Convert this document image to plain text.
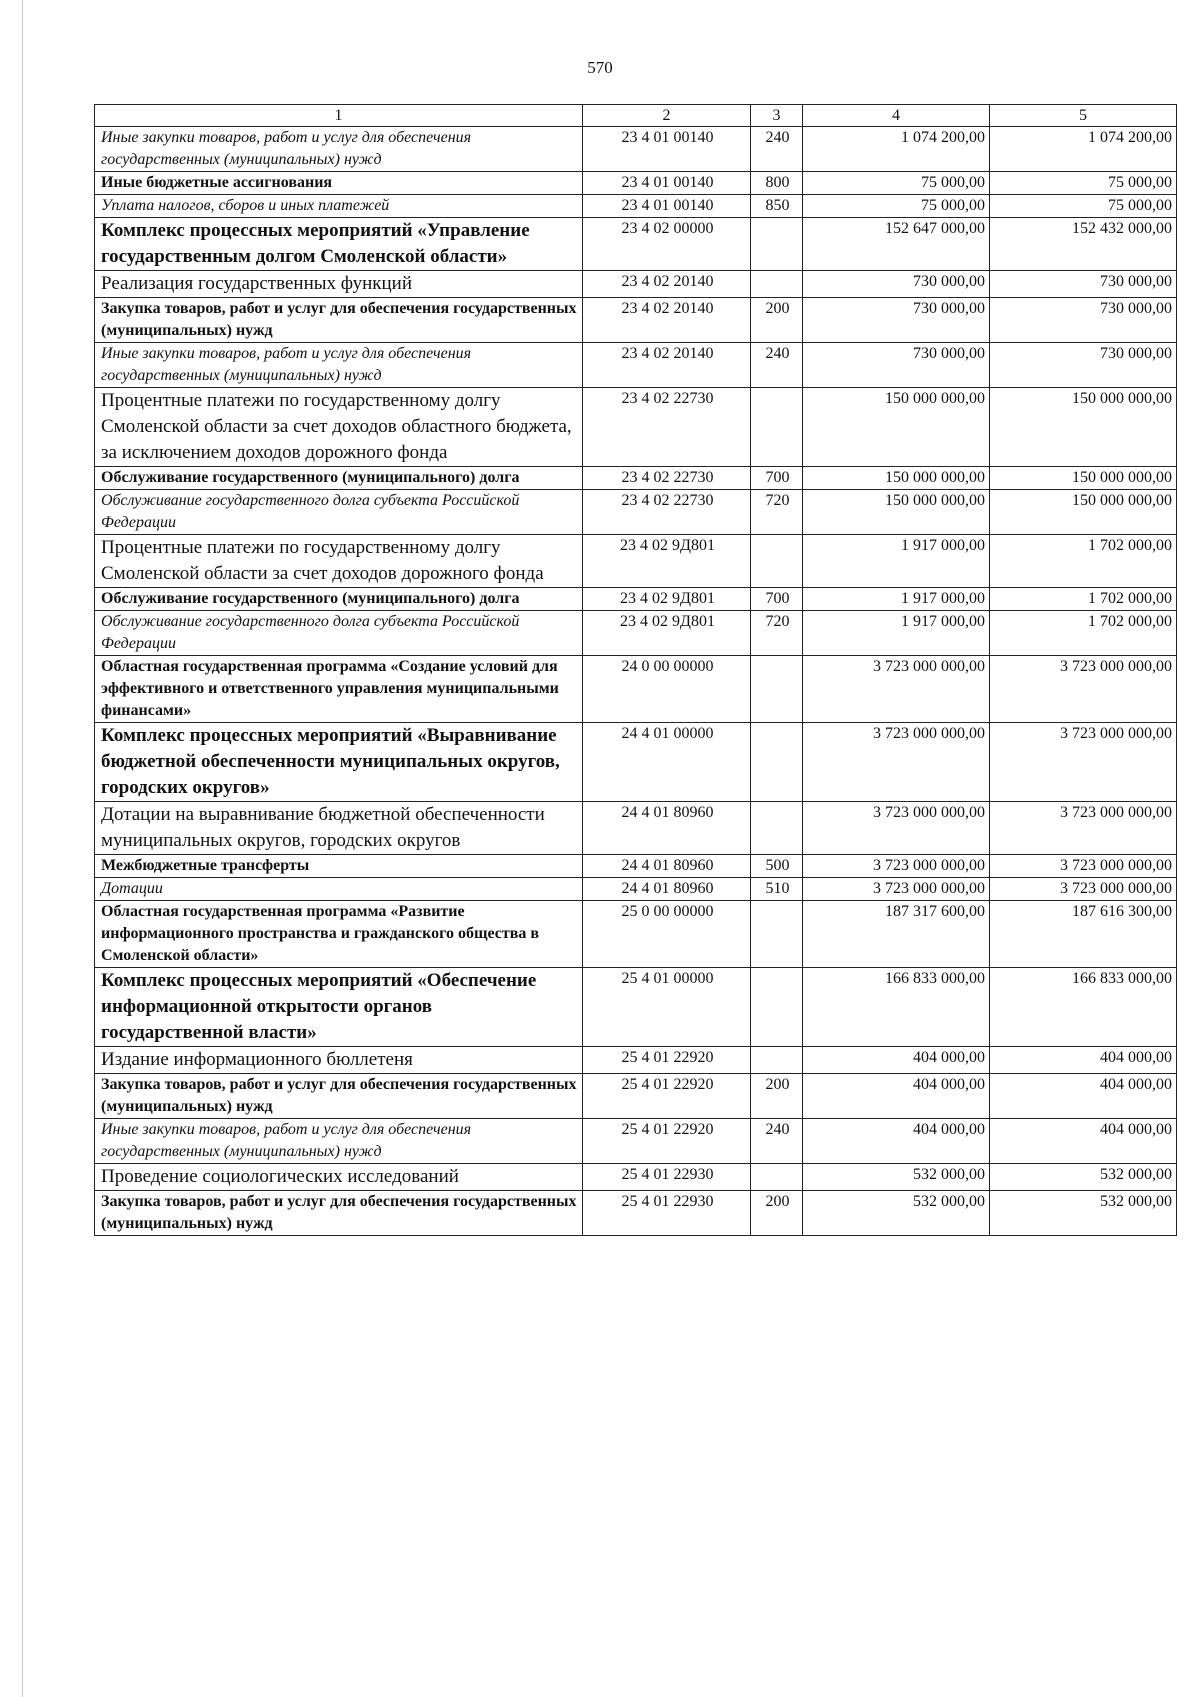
570
1	2	3	4	5
Иные закупки товаров, работ и услуг для обеспечения государственных (муниципальных) нужд	23 4 01 00140	240	1 074 200,00	1 074 200,00
Иные бюджетные ассигнования	23 4 01 00140	800	75 000,00	75 000,00
Уплата налогов, сборов и иных платежей	23 4 01 00140	850	75 000,00	75 000,00
Комплекс процессных мероприятий «Управление государственным долгом Смоленской области»	23 4 02 00000		152 647 000,00	152 432 000,00
Реализация государственных функций	23 4 02 20140		730 000,00	730 000,00
Закупка товаров, работ и услуг для обеспечения государственных (муниципальных) нужд	23 4 02 20140	200	730 000,00	730 000,00
Иные закупки товаров, работ и услуг для обеспечения государственных (муниципальных) нужд	23 4 02 20140	240	730 000,00	730 000,00
Процентные платежи по государственному долгу Смоленской области за счет доходов областного бюджета, за исключением доходов дорожного фонда	23 4 02 22730		150 000 000,00	150 000 000,00
Обслуживание государственного (муниципального) долга	23 4 02 22730	700	150 000 000,00	150 000 000,00
Обслуживание государственного долга субъекта Российской Федерации	23 4 02 22730	720	150 000 000,00	150 000 000,00
Процентные платежи по государственному долгу Смоленской области за счет доходов дорожного фонда	23 4 02 9Д801		1 917 000,00	1 702 000,00
Обслуживание государственного (муниципального) долга	23 4 02 9Д801	700	1 917 000,00	1 702 000,00
Обслуживание государственного долга субъекта Российской Федерации	23 4 02 9Д801	720	1 917 000,00	1 702 000,00
Областная государственная программа «Создание условий для эффективного и ответственного управления муниципальными финансами»	24 0 00 00000		3 723 000 000,00	3 723 000 000,00
Комплекс процессных мероприятий «Выравнивание бюджетной обеспеченности муниципальных округов, городских округов»	24 4 01 00000		3 723 000 000,00	3 723 000 000,00
Дотации на выравнивание бюджетной обеспеченности муниципальных округов, городских округов	24 4 01 80960		3 723 000 000,00	3 723 000 000,00
Межбюджетные трансферты	24 4 01 80960	500	3 723 000 000,00	3 723 000 000,00
Дотации	24 4 01 80960	510	3 723 000 000,00	3 723 000 000,00
Областная государственная программа «Развитие информационного пространства и гражданского общества в Смоленской области»	25 0 00 00000		187 317 600,00	187 616 300,00
Комплекс процессных мероприятий «Обеспечение информационной открытости органов государственной власти»	25 4 01 00000		166 833 000,00	166 833 000,00
Издание информационного бюллетеня	25 4 01 22920		404 000,00	404 000,00
Закупка товаров, работ и услуг для обеспечения государственных (муниципальных) нужд	25 4 01 22920	200	404 000,00	404 000,00
Иные закупки товаров, работ и услуг для обеспечения государственных (муниципальных) нужд	25 4 01 22920	240	404 000,00	404 000,00
Проведение социологических исследований	25 4 01 22930		532 000,00	532 000,00
Закупка товаров, работ и услуг для обеспечения государственных (муниципальных) нужд	25 4 01 22930	200	532 000,00	532 000,00
